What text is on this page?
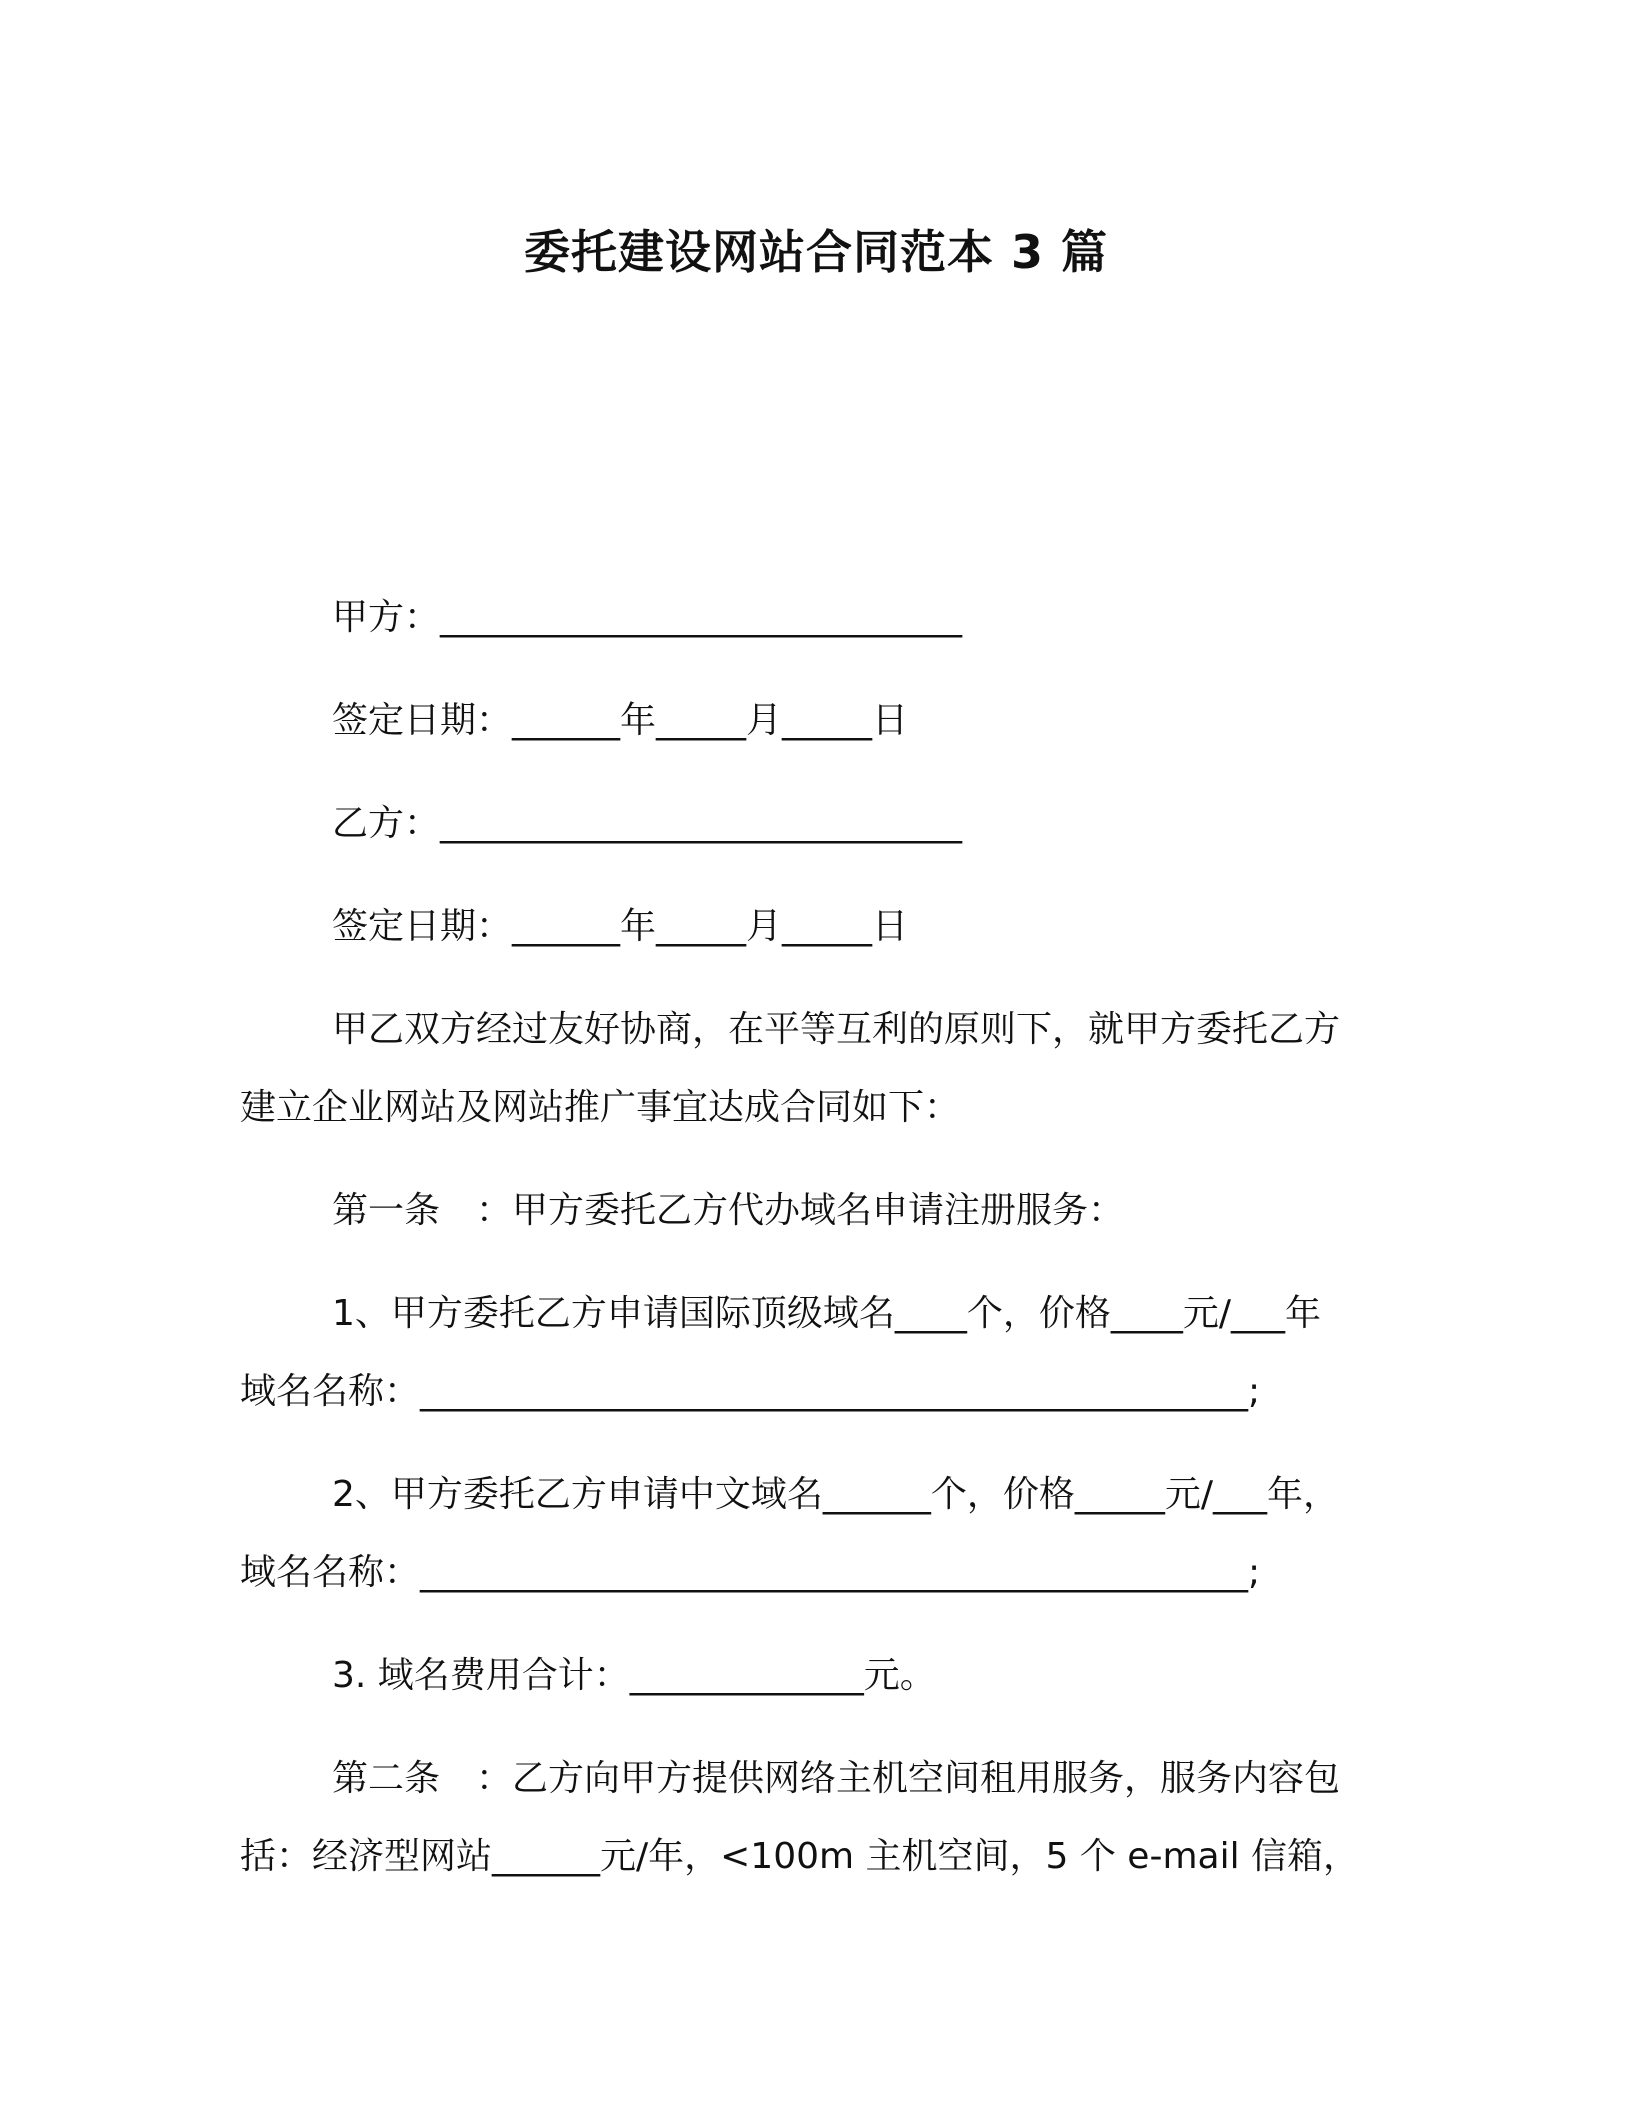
委托建设网站合同范本 3 篇
甲方：_____________________________
签定日期：______年_____月_____日
乙方：_____________________________
签定日期：______年_____月_____日
甲乙双方经过友好协商，在平等互利的原则下，就甲方委托乙方
建立企业网站及网站推广事宜达成合同如下：
第一条　：甲方委托乙方代办域名申请注册服务：
1、甲方委托乙方申请国际顶级域名____个，价格____元/___年
域名名称：______________________________________________;
2、甲方委托乙方申请中文域名______个，价格_____元/___年，
域名名称：______________________________________________;
3. 域名费用合计：_____________元。
第二条　：乙方向甲方提供网络主机空间租用服务，服务内容包
括：经济型网站______元/年，<100m 主机空间，5 个 e-mail 信箱，
